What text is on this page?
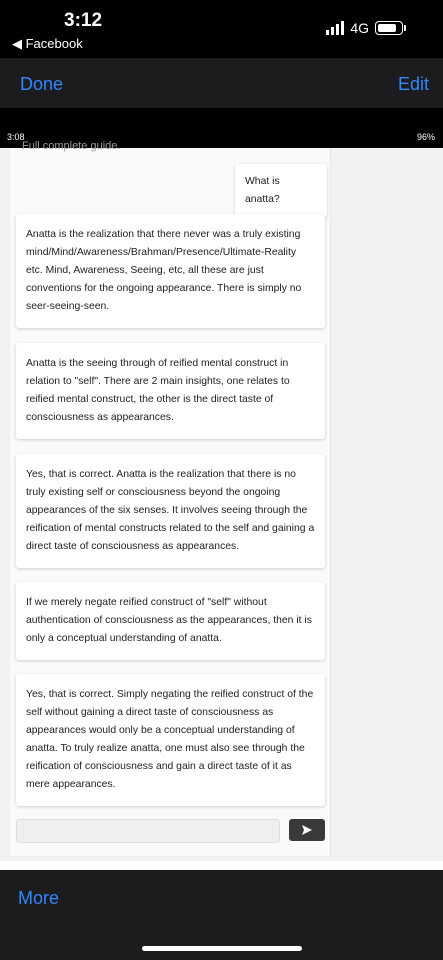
3:12
◀ Facebook
4G
Done	Edit
3:08	96%
Full complete guide.
What is anatta?
Anatta is the realization that there never was a truly existing mind/Mind/Awareness/Brahman/Presence/Ultimate-Reality etc. Mind, Awareness, Seeing, etc, all these are just conventions for the ongoing appearance. There is simply no seer-seeing-seen.
Anatta is the seeing through of reified mental construct in relation to "self". There are 2 main insights, one relates to reified mental construct, the other is the direct taste of consciousness as appearances.
Yes, that is correct. Anatta is the realization that there is no truly existing self or consciousness beyond the ongoing appearances of the six senses. It involves seeing through the reification of mental constructs related to the self and gaining a direct taste of consciousness as appearances.
If we merely negate reified construct of "self" without authentication of consciousness as the appearances, then it is only a conceptual understanding of anatta.
Yes, that is correct. Simply negating the reified construct of the self without gaining a direct taste of consciousness as appearances would only be a conceptual understanding of anatta. To truly realize anatta, one must also see through the reification of consciousness and gain a direct taste of it as mere appearances.
More
